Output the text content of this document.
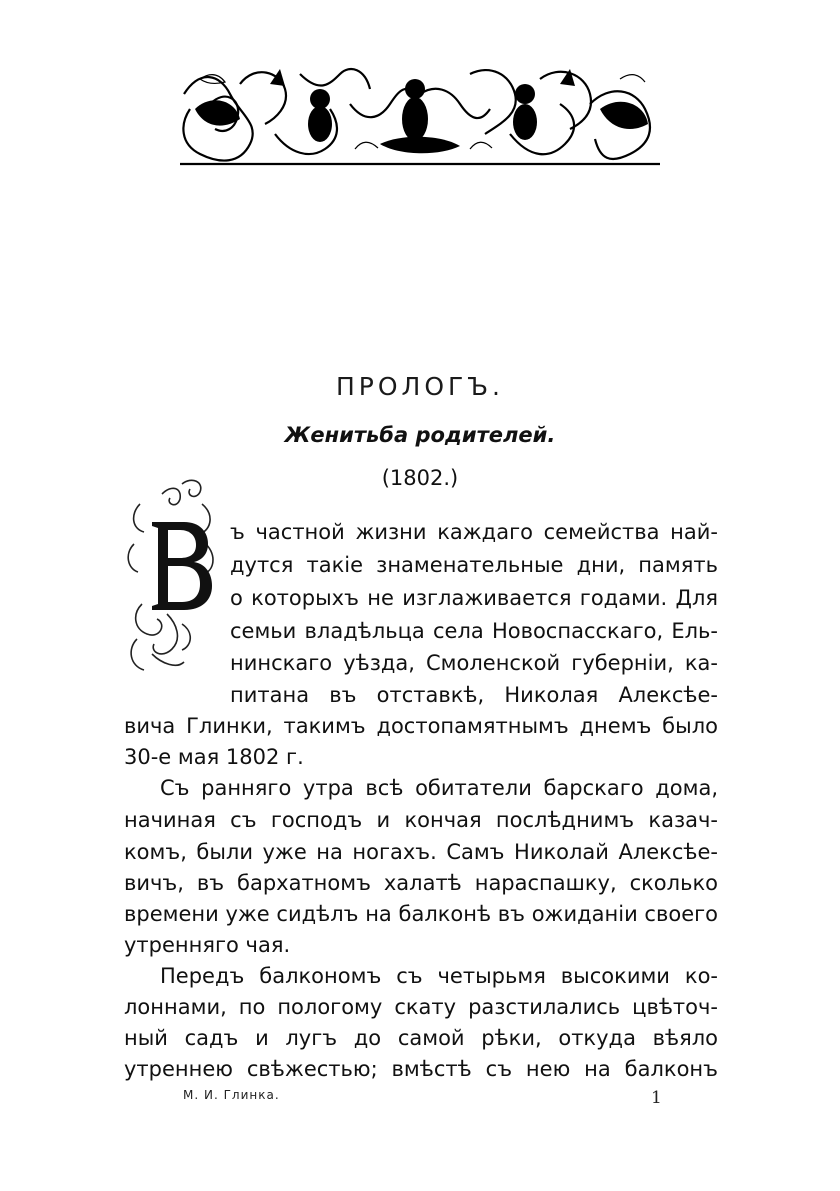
ПРОЛОГЪ.
Женитьба родителей.
(1802.)
ъ частной жизни каждаго семейства най-
дутся такіе знаменательные дни, память
о которыхъ не изглаживается годами. Для
семьи владѣльца села Новоспасскаго, Ель-
нинскаго уѣзда, Смоленской губерніи, ка-
питана въ отставкѣ, Николая Алексѣе-
вича Глинки, такимъ достопамятнымъ днемъ было
30-е мая 1802 г.
Съ ранняго утра всѣ обитатели барскаго дома,
начиная съ господъ и кончая послѣднимъ казач-
комъ, были уже на ногахъ. Самъ Николай Алексѣе-
вичъ, въ бархатномъ халатѣ нараспашку, сколько
времени уже сидѣлъ на балконѣ въ ожиданіи своего
утренняго чая.
Передъ балкономъ съ четырьмя высокими ко-
лоннами, по пологому скату разстилались цвѣточ-
ный садъ и лугъ до самой рѣки, откуда вѣяло
утреннею свѣжестью; вмѣстѣ съ нею на балконъ
М. И. Глинка.	1
